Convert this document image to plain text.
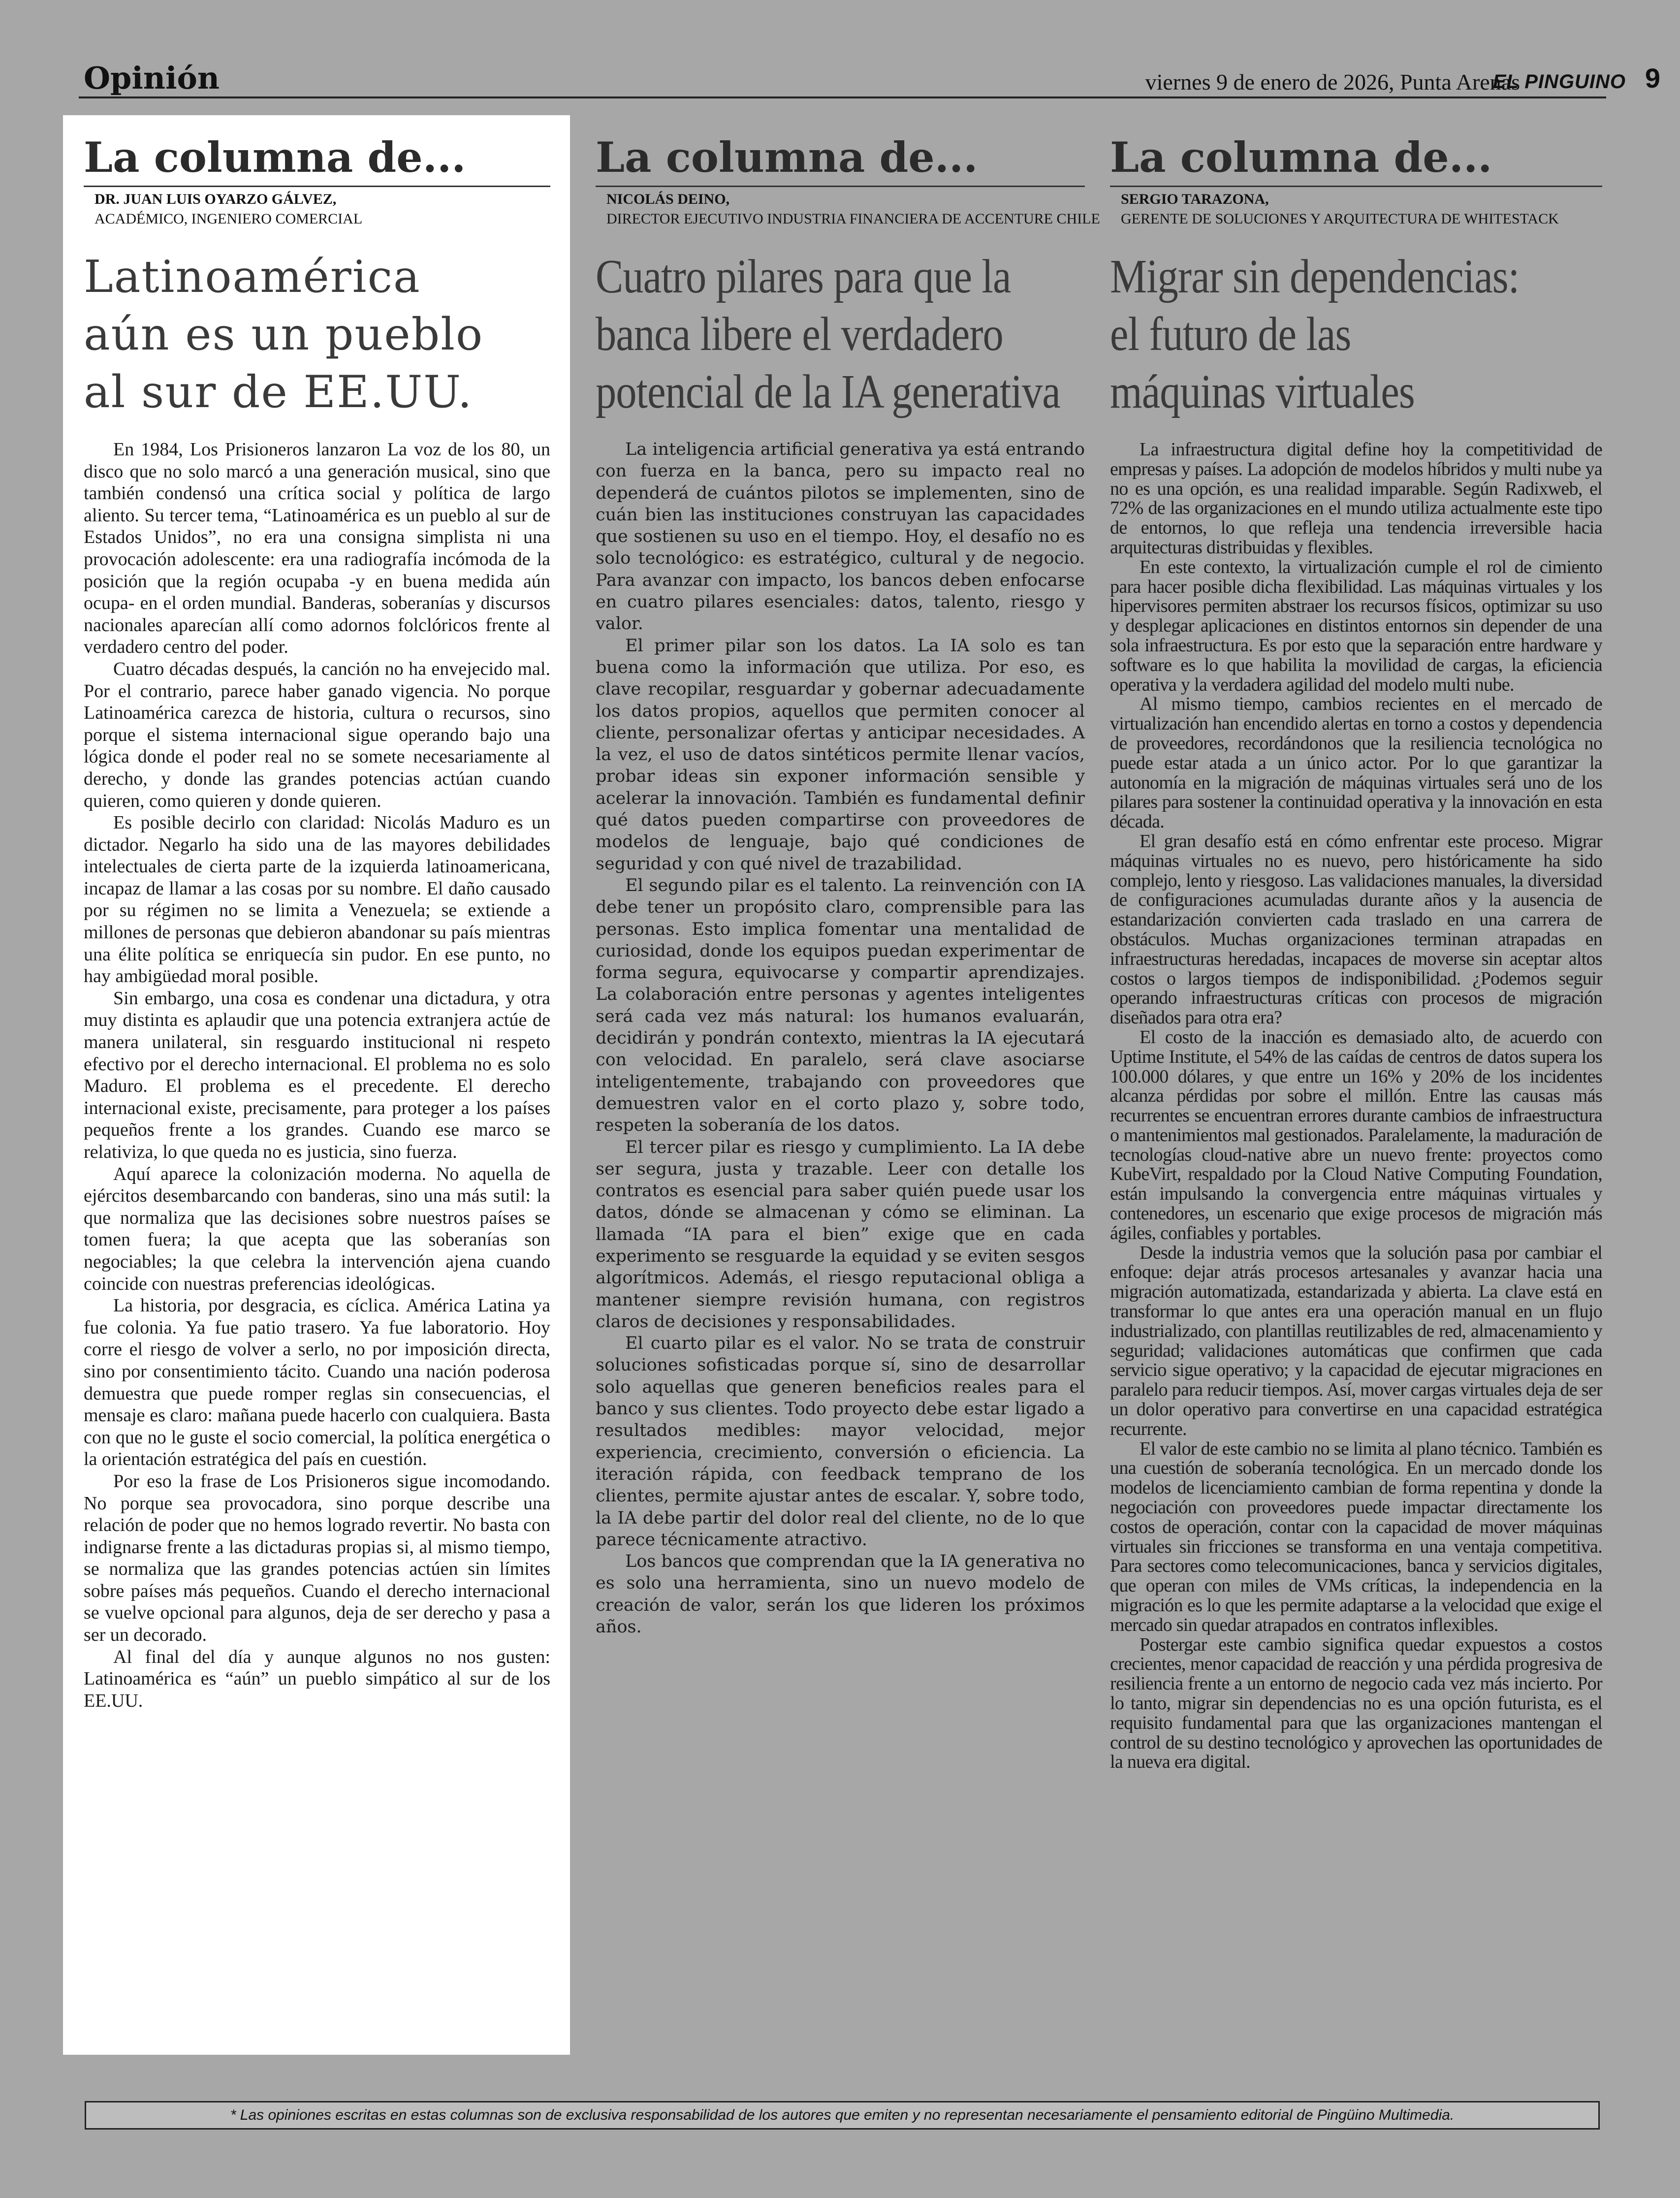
Opinión	viernes 9 de enero de 2026, Punta Arenas
EL PINGUINO 9
La columna de...
DR. JUAN LUIS OYARZO GÁLVEZ,
ACADÉMICO, INGENIERO COMERCIAL
Latinoamérica
aún es un pueblo
al sur de EE.UU.

En 1984, Los Prisioneros lanzaron La voz de los 80, un disco que no solo marcó a una generación musical, sino que también condensó una crítica social y política de largo aliento. Su tercer tema, “Latinoamérica es un pueblo al sur de Estados Unidos”, no era una consigna simplista ni una provocación adolescente: era una radiografía incómoda de la posición que la región ocupaba -y en buena medida aún ocupa- en el orden mundial. Banderas, soberanías y discursos nacionales aparecían allí como adornos folclóricos frente al verdadero centro del poder.

Cuatro décadas después, la canción no ha envejecido mal. Por el contrario, parece haber ganado vigencia. No porque Latinoamérica carezca de historia, cultura o recursos, sino porque el sistema internacional sigue operando bajo una lógica donde el poder real no se somete necesariamente al derecho, y donde las grandes potencias actúan cuando quieren, como quieren y donde quieren.

Es posible decirlo con claridad: Nicolás Maduro es un dictador. Negarlo ha sido una de las mayores debilidades intelectuales de cierta parte de la izquierda latinoamericana, incapaz de llamar a las cosas por su nombre. El daño causado por su régimen no se limita a Venezuela; se extiende a millones de personas que debieron abandonar su país mientras una élite política se enriquecía sin pudor. En ese punto, no hay ambigüedad moral posible.

Sin embargo, una cosa es condenar una dictadura, y otra muy distinta es aplaudir que una potencia extranjera actúe de manera unilateral, sin resguardo institucional ni respeto efectivo por el derecho internacional. El problema no es solo Maduro. El problema es el precedente. El derecho internacional existe, precisamente, para proteger a los países pequeños frente a los grandes. Cuando ese marco se relativiza, lo que queda no es justicia, sino fuerza.

Aquí aparece la colonización moderna. No aquella de ejércitos desembarcando con banderas, sino una más sutil: la que normaliza que las decisiones sobre nuestros países se tomen fuera; la que acepta que las soberanías son negociables; la que celebra la intervención ajena cuando coincide con nuestras preferencias ideológicas.

La historia, por desgracia, es cíclica. América Latina ya fue colonia. Ya fue patio trasero. Ya fue laboratorio. Hoy corre el riesgo de volver a serlo, no por imposición directa, sino por consentimiento tácito. Cuando una nación poderosa demuestra que puede romper reglas sin consecuencias, el mensaje es claro: mañana puede hacerlo con cualquiera. Basta con que no le guste el socio comercial, la política energética o la orientación estratégica del país en cuestión.

Por eso la frase de Los Prisioneros sigue incomodando. No porque sea provocadora, sino porque describe una relación de poder que no hemos logrado revertir. No basta con indignarse frente a las dictaduras propias si, al mismo tiempo, se normaliza que las grandes potencias actúen sin límites sobre países más pequeños. Cuando el derecho internacional se vuelve opcional para algunos, deja de ser derecho y pasa a ser un decorado.

Al final del día y aunque algunos no nos gusten: Latinoamérica es “aún” un pueblo simpático al sur de los EE.UU.

La columna de...
NICOLÁS DEINO,
DIRECTOR EJECUTIVO INDUSTRIA FINANCIERA DE ACCENTURE CHILE
Cuatro pilares para que la
banca libere el verdadero
potencial de la IA generativa

La inteligencia artificial generativa ya está entrando con fuerza en la banca, pero su impacto real no dependerá de cuántos pilotos se implementen, sino de cuán bien las instituciones construyan las capacidades que sostienen su uso en el tiempo. Hoy, el desafío no es solo tecnológico: es estratégico, cultural y de negocio. Para avanzar con impacto, los bancos deben enfocarse en cuatro pilares esenciales: datos, talento, riesgo y valor.

El primer pilar son los datos. La IA solo es tan buena como la información que utiliza. Por eso, es clave recopilar, resguardar y gobernar adecuadamente los datos propios, aquellos que permiten conocer al cliente, personalizar ofertas y anticipar necesidades. A la vez, el uso de datos sintéticos permite llenar vacíos, probar ideas sin exponer información sensible y acelerar la innovación. También es fundamental definir qué datos pueden compartirse con proveedores de modelos de lenguaje, bajo qué condiciones de seguridad y con qué nivel de trazabilidad.

El segundo pilar es el talento. La reinvención con IA debe tener un propósito claro, comprensible para las personas. Esto implica fomentar una mentalidad de curiosidad, donde los equipos puedan experimentar de forma segura, equivocarse y compartir aprendizajes. La colaboración entre personas y agentes inteligentes será cada vez más natural: los humanos evaluarán, decidirán y pondrán contexto, mientras la IA ejecutará con velocidad. En paralelo, será clave asociarse inteligentemente, trabajando con proveedores que demuestren valor en el corto plazo y, sobre todo, respeten la soberanía de los datos.

El tercer pilar es riesgo y cumplimiento. La IA debe ser segura, justa y trazable. Leer con detalle los contratos es esencial para saber quién puede usar los datos, dónde se almacenan y cómo se eliminan. La llamada “IA para el bien” exige que en cada experimento se resguarde la equidad y se eviten sesgos algorítmicos. Además, el riesgo reputacional obliga a mantener siempre revisión humana, con registros claros de decisiones y responsabilidades.

El cuarto pilar es el valor. No se trata de construir soluciones sofisticadas porque sí, sino de desarrollar solo aquellas que generen beneficios reales para el banco y sus clientes. Todo proyecto debe estar ligado a resultados medibles: mayor velocidad, mejor experiencia, crecimiento, conversión o eficiencia. La iteración rápida, con feedback temprano de los clientes, permite ajustar antes de escalar. Y, sobre todo, la IA debe partir del dolor real del cliente, no de lo que parece técnicamente atractivo.

Los bancos que comprendan que la IA generativa no es solo una herramienta, sino un nuevo modelo de creación de valor, serán los que lideren los próximos años.

La columna de...
SERGIO TARAZONA,
GERENTE DE SOLUCIONES Y ARQUITECTURA DE WHITESTACK
Migrar sin dependencias:
el futuro de las
máquinas virtuales

La infraestructura digital define hoy la competitividad de empresas y países. La adopción de modelos híbridos y multi nube ya no es una opción, es una realidad imparable. Según Radixweb, el 72% de las organizaciones en el mundo utiliza actualmente este tipo de entornos, lo que refleja una tendencia irreversible hacia arquitecturas distribuidas y flexibles.

En este contexto, la virtualización cumple el rol de cimiento para hacer posible dicha flexibilidad. Las máquinas virtuales y los hipervisores permiten abstraer los recursos físicos, optimizar su uso y desplegar aplicaciones en distintos entornos sin depender de una sola infraestructura. Es por esto que la separación entre hardware y software es lo que habilita la movilidad de cargas, la eficiencia operativa y la verdadera agilidad del modelo multi nube.

Al mismo tiempo, cambios recientes en el mercado de virtualización han encendido alertas en torno a costos y dependencia de proveedores, recordándonos que la resiliencia tecnológica no puede estar atada a un único actor. Por lo que garantizar la autonomía en la migración de máquinas virtuales será uno de los pilares para sostener la continuidad operativa y la innovación en esta década.

El gran desafío está en cómo enfrentar este proceso. Migrar máquinas virtuales no es nuevo, pero históricamente ha sido complejo, lento y riesgoso. Las validaciones manuales, la diversidad de configuraciones acumuladas durante años y la ausencia de estandarización convierten cada traslado en una carrera de obstáculos. Muchas organizaciones terminan atrapadas en infraestructuras heredadas, incapaces de moverse sin aceptar altos costos o largos tiempos de indisponibilidad. ¿Podemos seguir operando infraestructuras críticas con procesos de migración diseñados para otra era?

El costo de la inacción es demasiado alto, de acuerdo con Uptime Institute, el 54% de las caídas de centros de datos supera los 100.000 dólares, y que entre un 16% y 20% de los incidentes alcanza pérdidas por sobre el millón. Entre las causas más recurrentes se encuentran errores durante cambios de infraestructura o mantenimientos mal gestionados. Paralelamente, la maduración de tecnologías cloud-native abre un nuevo frente: proyectos como KubeVirt, respaldado por la Cloud Native Computing Foundation, están impulsando la convergencia entre máquinas virtuales y contenedores, un escenario que exige procesos de migración más ágiles, confiables y portables.

Desde la industria vemos que la solución pasa por cambiar el enfoque: dejar atrás procesos artesanales y avanzar hacia una migración automatizada, estandarizada y abierta. La clave está en transformar lo que antes era una operación manual en un flujo industrializado, con plantillas reutilizables de red, almacenamiento y seguridad; validaciones automáticas que confirmen que cada servicio sigue operativo; y la capacidad de ejecutar migraciones en paralelo para reducir tiempos. Así, mover cargas virtuales deja de ser un dolor operativo para convertirse en una capacidad estratégica recurrente.

El valor de este cambio no se limita al plano técnico. También es una cuestión de soberanía tecnológica. En un mercado donde los modelos de licenciamiento cambian de forma repentina y donde la negociación con proveedores puede impactar directamente los costos de operación, contar con la capacidad de mover máquinas virtuales sin fricciones se transforma en una ventaja competitiva. Para sectores como telecomunicaciones, banca y servicios digitales, que operan con miles de VMs críticas, la independencia en la migración es lo que les permite adaptarse a la velocidad que exige el mercado sin quedar atrapados en contratos inflexibles.

Postergar este cambio significa quedar expuestos a costos crecientes, menor capacidad de reacción y una pérdida progresiva de resiliencia frente a un entorno de negocio cada vez más incierto. Por lo tanto, migrar sin dependencias no es una opción futurista, es el requisito fundamental para que las organizaciones mantengan el control de su destino tecnológico y aprovechen las oportunidades de la nueva era digital.

* Las opiniones escritas en estas columnas son de exclusiva responsabilidad de los autores que emiten y no representan necesariamente el pensamiento editorial de Pingüino Multimedia.
